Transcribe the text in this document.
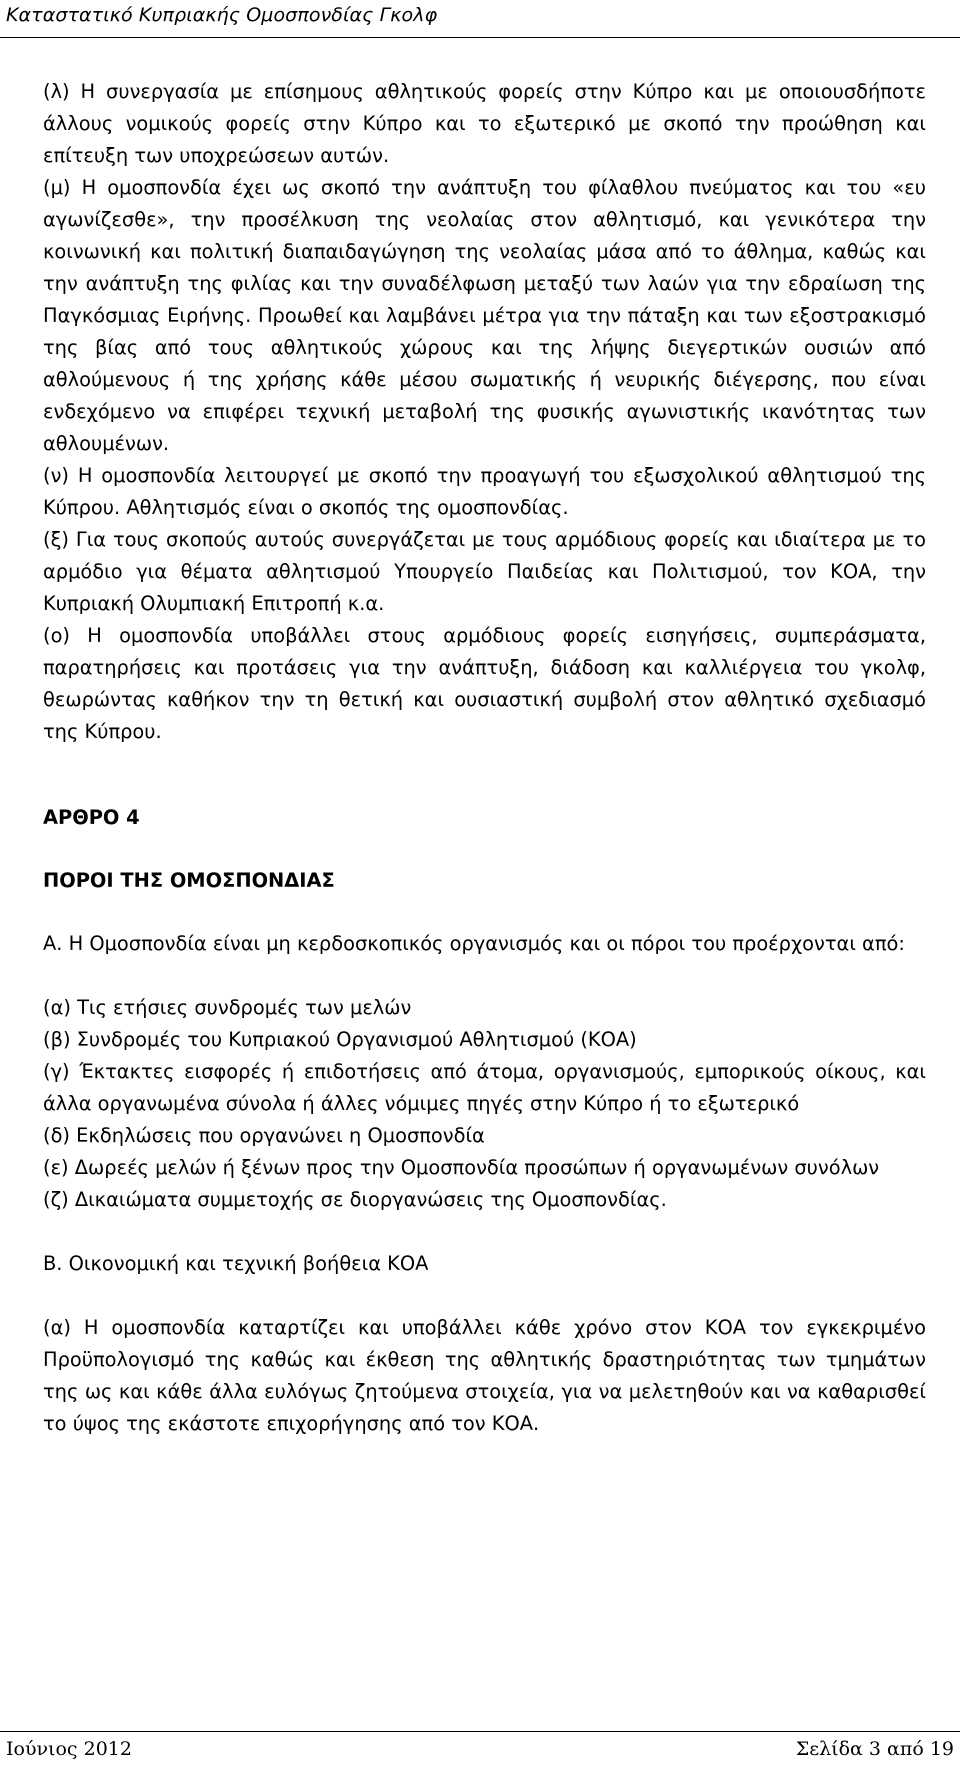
Καταστατικό Κυπριακής Ομοσπονδίας Γκολφ

(λ) Η συνεργασία με επίσημους αθλητικούς φορείς στην Κύπρο και με οποιουσδήποτε άλλους νομικούς φορείς στην Κύπρο και το εξωτερικό με σκοπό την προώθηση και επίτευξη των υποχρεώσεων αυτών.

(μ) Η ομοσπονδία έχει ως σκοπό την ανάπτυξη του φίλαθλου πνεύματος και του «ευ αγωνίζεσθε», την προσέλκυση της νεολαίας στον αθλητισμό, και γενικότερα την κοινωνική και πολιτική διαπαιδαγώγηση της νεολαίας μάσα από το άθλημα, καθώς και την ανάπτυξη της φιλίας και την συναδέλφωση μεταξύ των λαών για την εδραίωση της Παγκόσμιας Ειρήνης. Προωθεί και λαμβάνει μέτρα για την πάταξη και των εξοστρακισμό της βίας από τους αθλητικούς χώρους και της λήψης διεγερτικών ουσιών από αθλούμενους ή της χρήσης κάθε μέσου σωματικής ή νευρικής διέγερσης, που είναι ενδεχόμενο να επιφέρει τεχνική μεταβολή της φυσικής αγωνιστικής ικανότητας των αθλουμένων.

(ν) Η ομοσπονδία λειτουργεί με σκοπό την προαγωγή του εξωσχολικού αθλητισμού της Κύπρου. Αθλητισμός είναι ο σκοπός της ομοσπονδίας.

(ξ) Για τους σκοπούς αυτούς συνεργάζεται με τους αρμόδιους φορείς και ιδιαίτερα με το αρμόδιο για θέματα αθλητισμού Υπουργείο Παιδείας και Πολιτισμού, τον ΚΟΑ, την Κυπριακή Ολυμπιακή Επιτροπή κ.α.

(ο) Η ομοσπονδία υποβάλλει στους αρμόδιους φορείς εισηγήσεις, συμπεράσματα, παρατηρήσεις και προτάσεις για την ανάπτυξη, διάδοση και καλλιέργεια του γκολφ, θεωρώντας καθήκον την τη θετική και ουσιαστική συμβολή στον αθλητικό σχεδιασμό της Κύπρου.

ΑΡΘΡΟ 4

ΠΟΡΟΙ ΤΗΣ ΟΜΟΣΠΟΝΔΙΑΣ

Α. Η Ομοσπονδία είναι μη κερδοσκοπικός οργανισμός και οι πόροι του προέρχονται από:

(α) Τις ετήσιες συνδρομές των μελών

(β) Συνδρομές του Κυπριακού Οργανισμού Αθλητισμού (ΚΟΑ)

(γ) Έκτακτες εισφορές ή επιδοτήσεις από άτομα, οργανισμούς, εμπορικούς οίκους, και άλλα οργανωμένα σύνολα ή άλλες νόμιμες πηγές στην Κύπρο ή το εξωτερικό

(δ) Εκδηλώσεις που οργανώνει η Ομοσπονδία

(ε) Δωρεές μελών ή ξένων προς την Ομοσπονδία προσώπων ή οργανωμένων συνόλων

(ζ) Δικαιώματα συμμετοχής σε διοργανώσεις της Ομοσπονδίας.

Β. Οικονομική και τεχνική βοήθεια ΚΟΑ

(α) Η ομοσπονδία καταρτίζει και υποβάλλει κάθε χρόνο στον ΚΟΑ τον εγκεκριμένο Προϋπολογισμό της καθώς και έκθεση της αθλητικής δραστηριότητας των τμημάτων της ως και κάθε άλλα ευλόγως ζητούμενα στοιχεία, για να μελετηθούν και να καθαρισθεί το ύψος της εκάστοτε επιχορήγησης από τον ΚΟΑ.

Ιούνιος 2012	Σελίδα 3 από 19
